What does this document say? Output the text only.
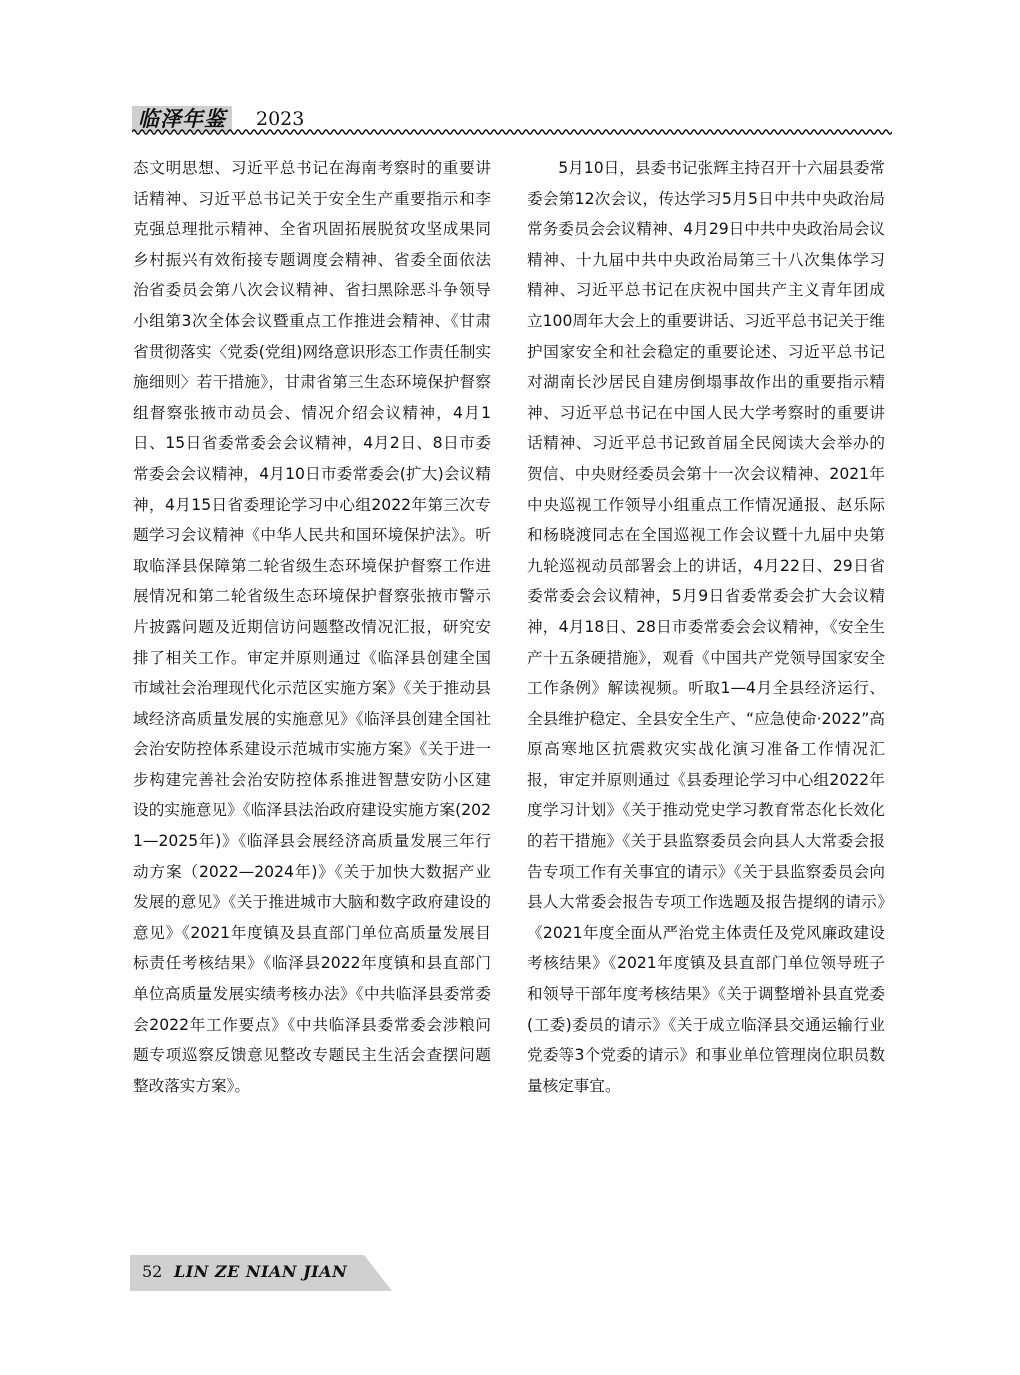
临泽年鉴	2023

态文明思想、习近平总书记在海南考察时的重要讲话精神、习近平总书记关于安全生产重要指示和李克强总理批示精神、全省巩固拓展脱贫攻坚成果同乡村振兴有效衔接专题调度会精神、省委全面依法治省委员会第八次会议精神、省扫黑除恶斗争领导小组第3次全体会议暨重点工作推进会精神、《甘肃省贯彻落实〈党委(党组)网络意识形态工作责任制实施细则〉若干措施》，甘肃省第三生态环境保护督察组督察张掖市动员会、情况介绍会议精神，4月1日、15日省委常委会会议精神，4月2日、8日市委常委会会议精神，4月10日市委常委会(扩大)会议精神，4月15日省委理论学习中心组2022年第三次专题学习会议精神《中华人民共和国环境保护法》。听取临泽县保障第二轮省级生态环境保护督察工作进展情况和第二轮省级生态环境保护督察张掖市警示片披露问题及近期信访问题整改情况汇报，研究安排了相关工作。审定并原则通过《临泽县创建全国市域社会治理现代化示范区实施方案》《关于推动县域经济高质量发展的实施意见》《临泽县创建全国社会治安防控体系建设示范城市实施方案》《关于进一步构建完善社会治安防控体系推进智慧安防小区建设的实施意见》《临泽县法治政府建设实施方案(2021—2025年)》《临泽县会展经济高质量发展三年行动方案（2022—2024年)》《关于加快大数据产业发展的意见》《关于推进城市大脑和数字政府建设的意见》《2021年度镇及县直部门单位高质量发展目标责任考核结果》《临泽县2022年度镇和县直部门单位高质量发展实绩考核办法》《中共临泽县委常委会2022年工作要点》《中共临泽县委常委会涉粮问题专项巡察反馈意见整改专题民主生活会查摆问题整改落实方案》。

5月10日，县委书记张辉主持召开十六届县委常委会第12次会议，传达学习5月5日中共中央政治局常务委员会会议精神、4月29日中共中央政治局会议精神、十九届中共中央政治局第三十八次集体学习精神、习近平总书记在庆祝中国共产主义青年团成立100周年大会上的重要讲话、习近平总书记关于维护国家安全和社会稳定的重要论述、习近平总书记对湖南长沙居民自建房倒塌事故作出的重要指示精神、习近平总书记在中国人民大学考察时的重要讲话精神、习近平总书记致首届全民阅读大会举办的贺信、中央财经委员会第十一次会议精神、2021年中央巡视工作领导小组重点工作情况通报、赵乐际和杨晓渡同志在全国巡视工作会议暨十九届中央第九轮巡视动员部署会上的讲话，4月22日、29日省委常委会会议精神，5月9日省委常委会扩大会议精神，4月18日、28日市委常委会会议精神，《安全生产十五条硬措施》，观看《中国共产党领导国家安全工作条例》解读视频。听取1—4月全县经济运行、全县维护稳定、全县安全生产、“应急使命·2022”高原高寒地区抗震救灾实战化演习准备工作情况汇报，审定并原则通过《县委理论学习中心组2022年度学习计划》《关于推动党史学习教育常态化长效化的若干措施》《关于县监察委员会向县人大常委会报告专项工作有关事宜的请示》《关于县监察委员会向县人大常委会报告专项工作选题及报告提纲的请示》《2021年度全面从严治党主体责任及党风廉政建设考核结果》《2021年度镇及县直部门单位领导班子和领导干部年度考核结果》《关于调整增补县直党委(工委)委员的请示》《关于成立临泽县交通运输行业党委等3个党委的请示》和事业单位管理岗位职员数量核定事宜。

52 LIN ZE NIAN JIAN
